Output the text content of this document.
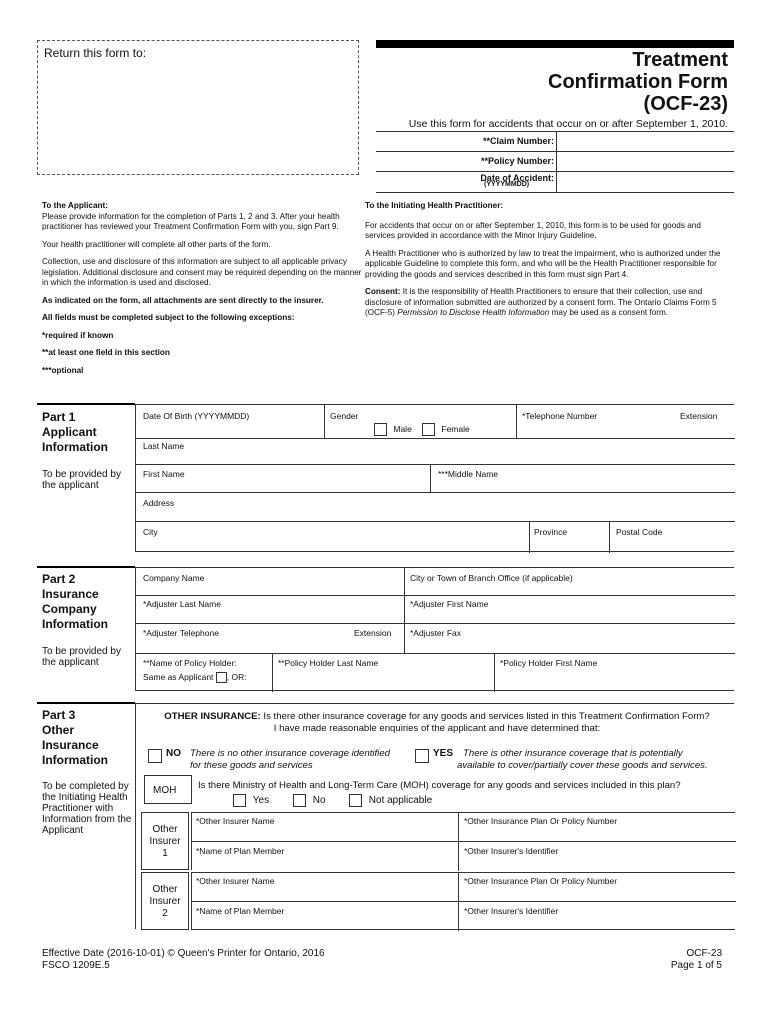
Return this form to:	Treatment
Confirmation Form
(OCF-23)
Use this form for accidents that occur on or after September 1, 2010.
**Claim Number:
**Policy Number:
Date of Accident:
(YYYYMMDD)

To the Applicant:

Please provide information for the completion of Parts 1, 2 and 3. After your health practitioner has reviewed your Treatment Confirmation Form with you, sign Part 9.

Your health practitioner will complete all other parts of the form.

Collection, use and disclosure of this information are subject to all applicable privacy legislation. Additional disclosure and consent may be required depending on the manner in which the information is used and disclosed.

As indicated on the form, all attachments are sent directly to the insurer.

All fields must be completed subject to the following exceptions:

*required if known

**at least one field in this section

***optional

To the Initiating Health Practitioner:

For accidents that occur on or after September 1, 2010, this form is to be used for goods and services provided in accordance with the Minor Injury Guideline.

A Health Practitioner who is authorized by law to treat the impairment, who is authorized under the applicable Guideline to complete this form, and who will be the Health Practitioner responsible for providing the goods and services described in this form must sign Part 4.

Consent: It is the responsibility of Health Practitioners to ensure that their collection, use and disclosure of information submitted are authorized by a consent form. The Ontario Claims Form 5 (OCF-5) Permission to Disclose Health Information may be used as a consent form.

Part 1
Applicant
Information
To be provided by the applicant
Date Of Birth (YYYYMMDD)	Gender
Male	Female
*Telephone Number	Extension
Last Name
First Name	***Middle Name
Address
City	Province	Postal Code
Part 2
Insurance
Company
Information
To be provided by the applicant
Company Name	City or Town of Branch Office (if applicable)
*Adjuster Last Name	*Adjuster First Name
*Adjuster Telephone	Extension *Adjuster Fax
**Name of Policy Holder:
Same as Applicant , OR:
**Policy Holder Last Name	*Policy Holder First Name
Part 3
Other
Insurance
Information
To be completed by the Initiating Health Practitioner with Information from the Applicant
OTHER INSURANCE: Is there other insurance coverage for any goods and services listed in this Treatment Confirmation Form?
I have made reasonable enquiries of the applicant and have determined that:
NO There is no other insurance coverage identified
for these goods and services
YES There is other insurance coverage that is potentially
available to cover/partially cover these goods and services.
MOH Is there Ministry of Health and Long-Term Care (MOH) coverage for any goods and services included in this plan?
Yes	No	Not applicable
Other
Insurer
1
*Other Insurer Name	*Other Insurance Plan Or Policy Number
*Name of Plan Member	*Other Insurer's Identifier
Other
Insurer
2
*Other Insurer Name	*Other Insurance Plan Or Policy Number
*Name of Plan Member	*Other Insurer's Identifier
Effective Date (2016-10-01) © Queen's Printer for Ontario, 2016
FSCO 1209E.5
OCF-23
Page 1 of 5
